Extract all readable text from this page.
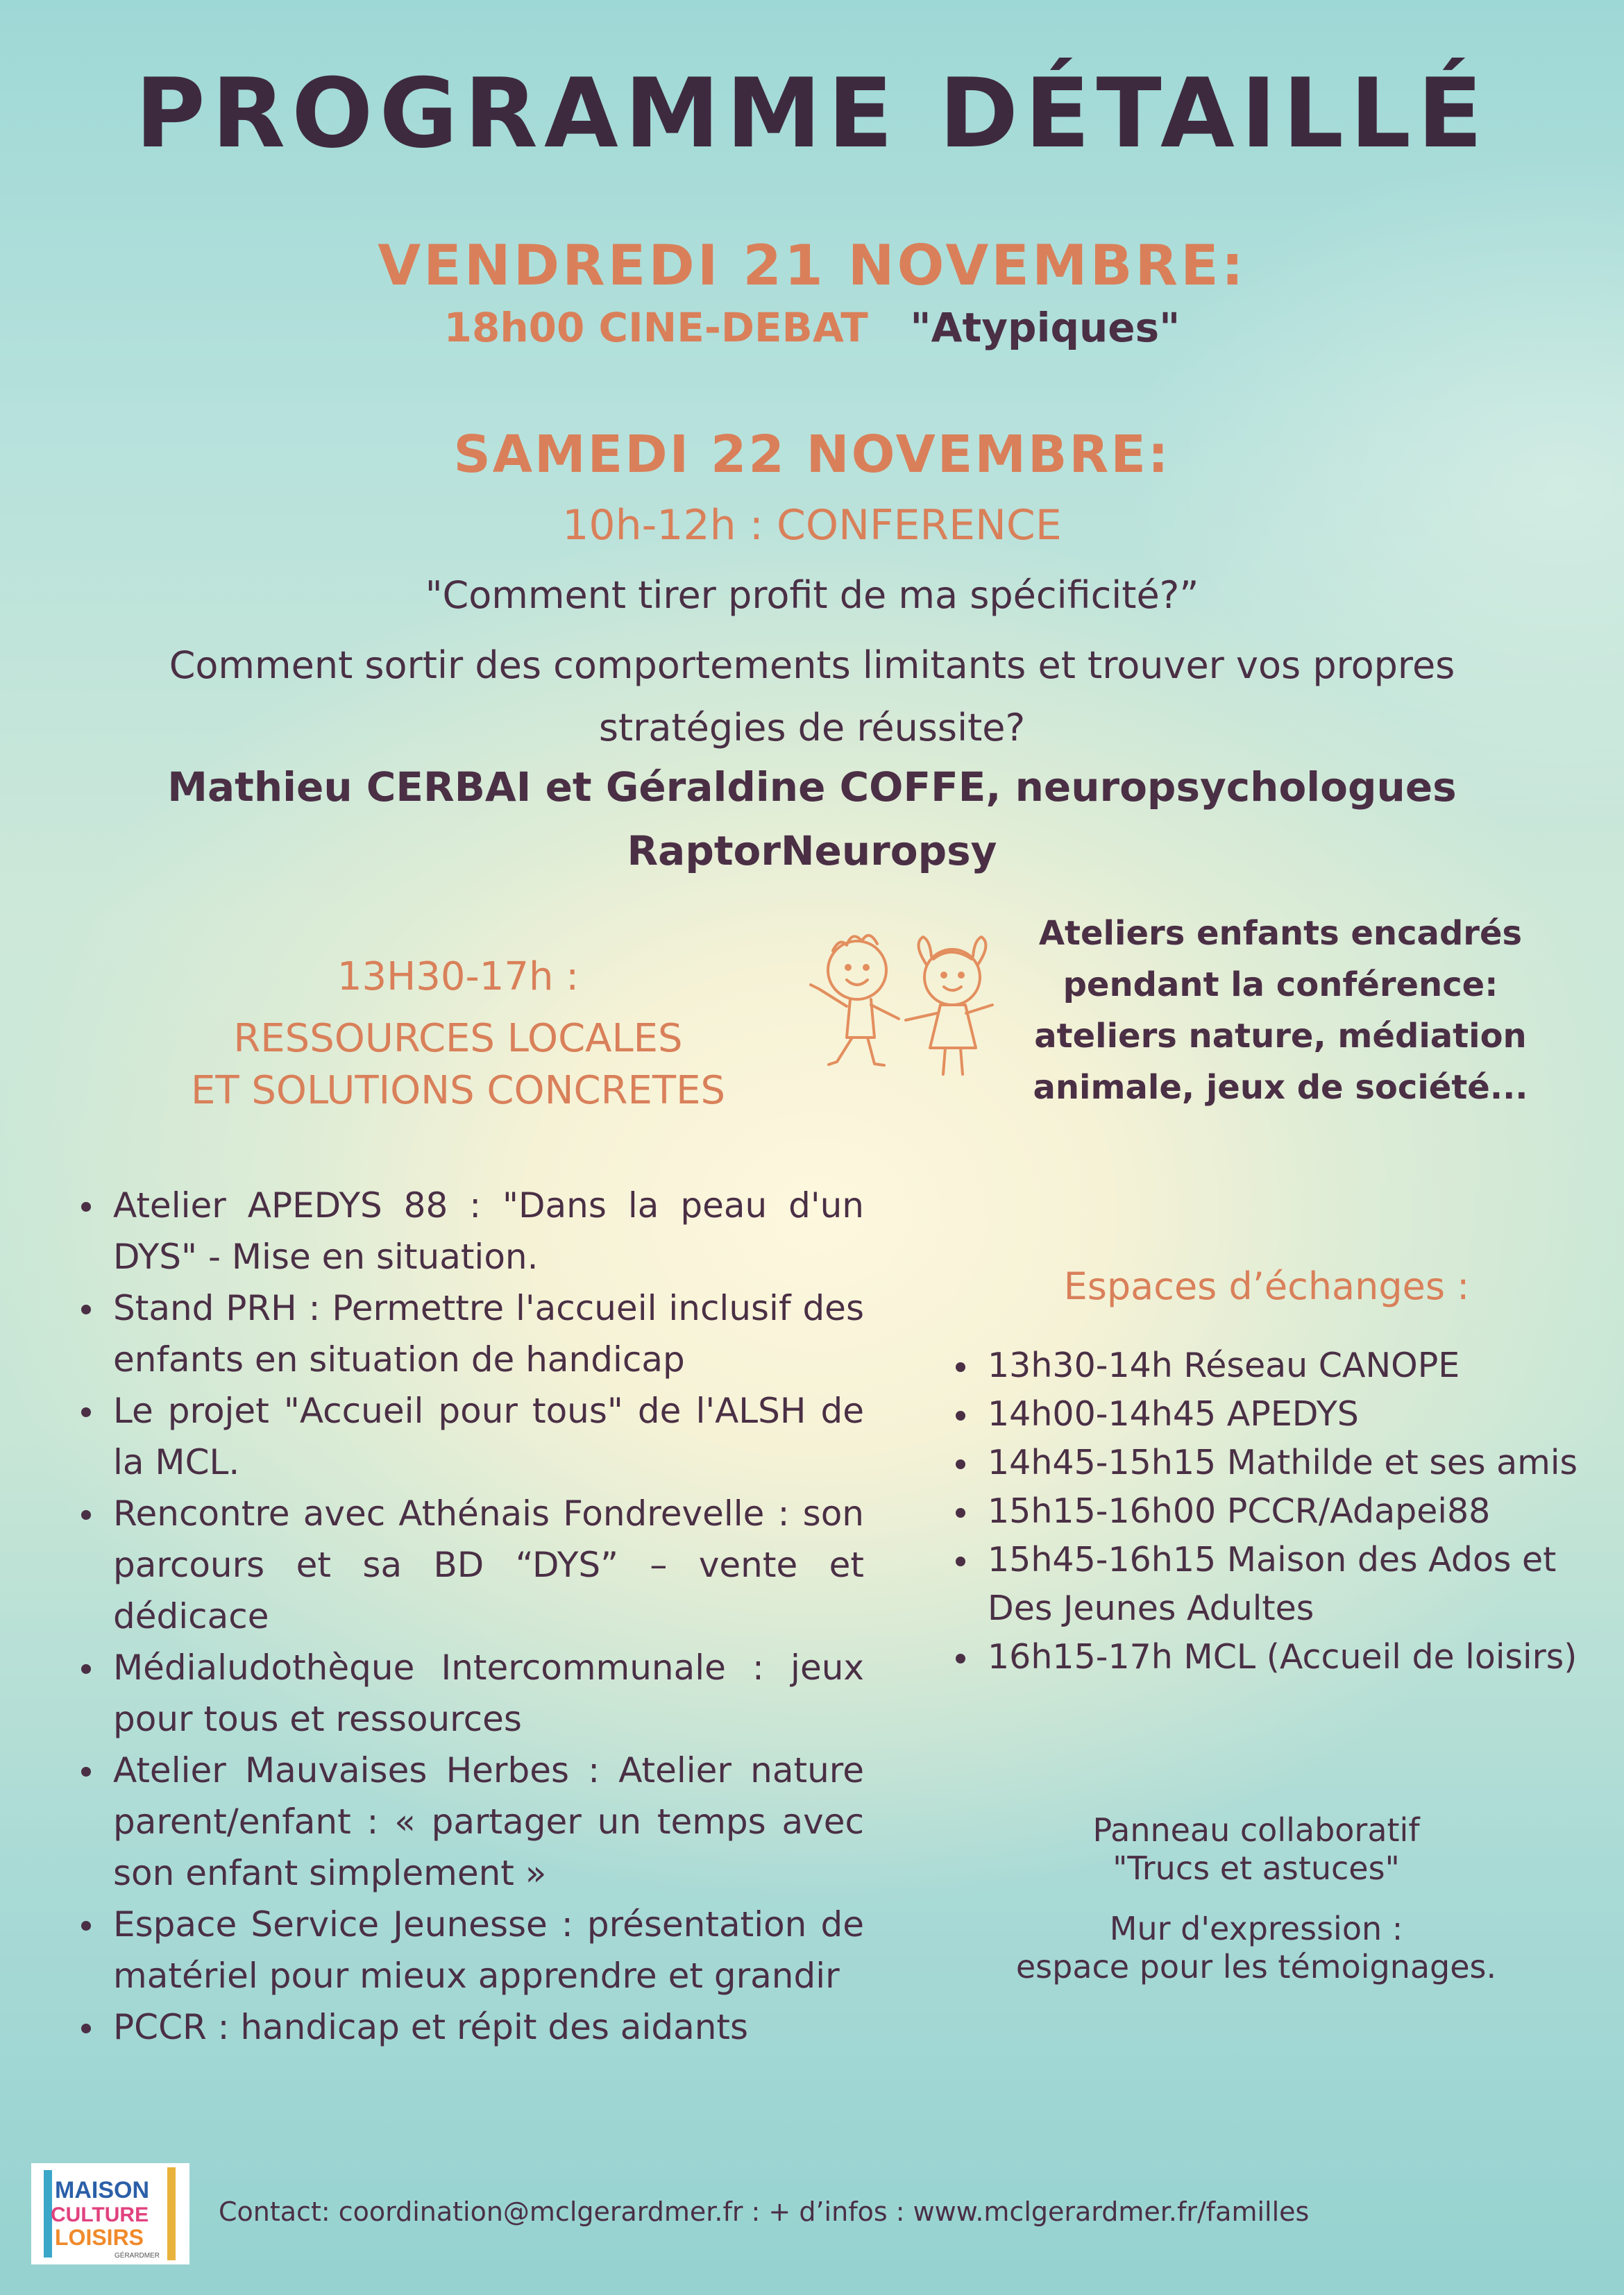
PROGRAMME DÉTAILLÉ
VENDREDI 21 NOVEMBRE:
18h00 CINE-DEBAT "Atypiques"
SAMEDI 22 NOVEMBRE:
10h-12h : CONFERENCE
"Comment tirer profit de ma spécificité?”
Comment sortir des comportements limitants et trouver vos propres stratégies de réussite?
Mathieu CERBAI et Géraldine COFFE, neuropsychologues
RaptorNeuropsy
13H30-17h :
RESSOURCES LOCALES
ET SOLUTIONS CONCRETES
Ateliers enfants encadrés
pendant la conférence:
ateliers nature, médiation
animale, jeux de société...
Atelier APEDYS 88 : "Dans la peau d'un DYS" - Mise en situation.
Stand PRH : Permettre l'accueil inclusif des enfants en situation de handicap
Le projet "Accueil pour tous" de l'ALSH de la MCL.
Rencontre avec Athénais Fondrevelle : son parcours et sa BD “DYS” – vente et dédicace
Médialudothèque Intercommunale : jeux pour tous et ressources
Atelier Mauvaises Herbes : Atelier nature parent/enfant : « partager un temps avec son enfant simplement »
Espace Service Jeunesse : présentation de matériel pour mieux apprendre et grandir
PCCR : handicap et répit des aidants
Espaces d’échanges :
13h30-14h Réseau CANOPE
14h00-14h45 APEDYS
14h45-15h15 Mathilde et ses amis
15h15-16h00 PCCR/Adapei88
15h45-16h15 Maison des Ados et Des Jeunes Adultes
16h15-17h MCL (Accueil de loisirs)
Panneau collaboratif
"Trucs et astuces"
Mur d'expression :
espace pour les témoignages.
MAISON
CULTURE
LOISIRS
GÉRARDMER
Contact: coordination@mclgerardmer.fr : + d’infos : www.mclgerardmer.fr/familles
